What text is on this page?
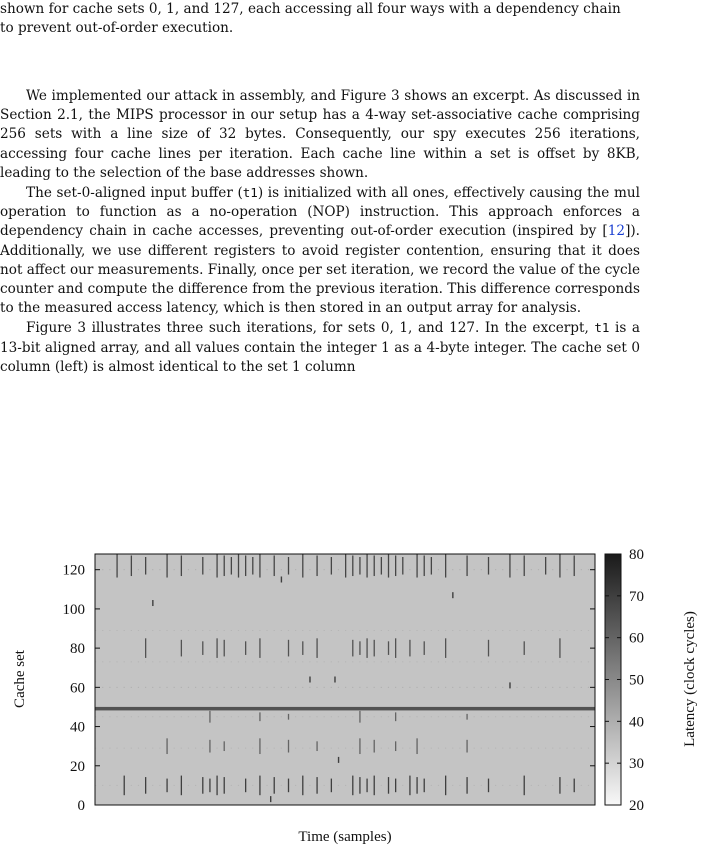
shown for cache sets 0, 1, and 127, each accessing all four ways with a dependency chain

to prevent out-of-order execution.

We implemented our attack in assembly, and Figure 3 shows an excerpt. As discussed in Section 2.1, the MIPS processor in our setup has a 4-way set-associative cache comprising 256 sets with a line size of 32 bytes. Consequently, our spy executes 256 iterations, accessing four cache lines per iteration. Each cache line within a set is offset by 8KB, leading to the selection of the base addresses shown.

The set-0-aligned input buffer (t1) is initialized with all ones, effectively causing the mul operation to function as a no-operation (NOP) instruction. This approach enforces a dependency chain in cache accesses, preventing out-of-order execution (inspired by [12]). Additionally, we use different registers to avoid register contention, ensuring that it does not affect our measurements. Finally, once per set iteration, we record the value of the cycle counter and compute the difference from the previous iteration. This difference corresponds to the measured access latency, which is then stored in an output array for analysis.

Figure 3 illustrates three such iterations, for sets 0, 1, and 127. In the excerpt, t1 is a 13-bit aligned array, and all values contain the integer 1 as a 4-byte integer. The cache set 0 column (left) is almost identical to the set 1 column

0
20
40
60
80
100
120
Cache set
Time (samples)
20
30
40
50
60
70
80
Latency (clock cycles)
